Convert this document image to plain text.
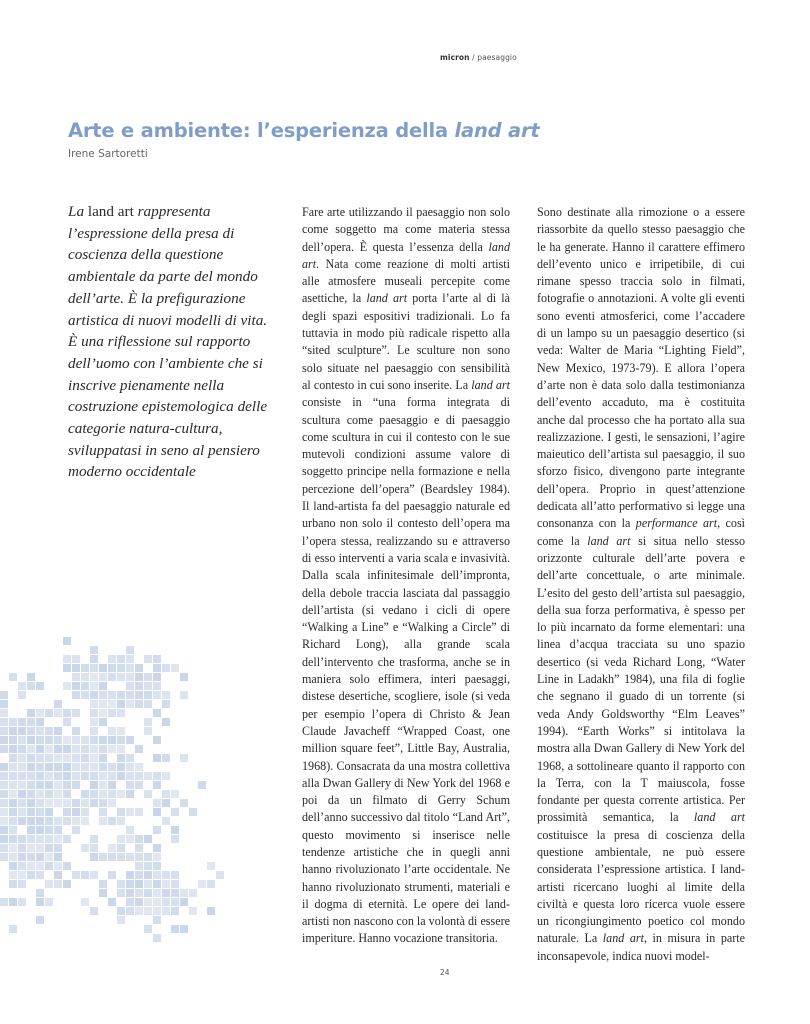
micron / paesaggio
Arte e ambiente: l’esperienza della land art
Irene Sartoretti

La land art rappresenta l’espressione della presa di coscienza della questione ambientale da parte del mondo dell’arte. È la prefigurazione artistica di nuovi modelli di vita. È una riflessione sul rapporto dell’uomo con l’ambiente che si inscrive pienamente nella costruzione epistemologica delle categorie natura-cultura, sviluppatasi in seno al pensiero moderno occidentale

Fare arte utilizzando il paesaggio non solo come soggetto ma come materia stessa dell’opera. È questa l’essenza della land art. Nata come reazione di molti artisti alle atmosfere museali percepite come asettiche, la land art porta l’arte al di là degli spazi espositivi tradizionali. Lo fa tuttavia in modo più radicale rispetto alla “sited sculpture”. Le sculture non sono solo situate nel paesaggio con sensibilità al contesto in cui sono inserite. La land art consiste in “una forma integrata di scultura come paesaggio e di paesaggio come scultura in cui il contesto con le sue mutevoli condizioni assume valore di soggetto principe nella formazione e nella percezione dell’opera” (Beardsley 1984). Il land-artista fa del paesaggio naturale ed urbano non solo il contesto dell’opera ma l’opera stessa, realizzando su e attraverso di esso interventi a varia scala e invasività. Dalla scala infinitesimale dell’impronta, della debole traccia lasciata dal passaggio dell’artista (si vedano i cicli di opere “Walking a Line” e “Walking a Circle” di Richard Long), alla grande scala dell’intervento che trasforma, anche se in maniera solo effimera, interi paesaggi, distese desertiche, scogliere, isole (si veda per esempio l’opera di Christo & Jean Claude Javacheff “Wrapped Coast, one million square feet”, Little Bay, Australia, 1968). Consacrata da una mostra collettiva alla Dwan Gallery di New York del 1968 e poi da un filmato di Gerry Schum dell’anno successivo dal titolo “Land Art”, questo movimento si inserisce nelle tendenze artistiche che in quegli anni hanno rivoluzionato l’arte occidentale. Ne hanno rivoluzionato strumenti, materiali e il dogma di eternità. Le opere dei land-artisti non nascono con la volontà di essere imperiture. Hanno vocazione transitoria.

Sono destinate alla rimozione o a essere riassorbite da quello stesso paesaggio che le ha generate. Hanno il carattere effimero dell’evento unico e irripetibile, di cui rimane spesso traccia solo in filmati, fotografie o annotazioni. A volte gli eventi sono eventi atmosferici, come l’accadere di un lampo su un paesaggio desertico (si veda: Walter de Maria “Lighting Field”, New Mexico, 1973-79). E allora l’opera d’arte non è data solo dalla testimonianza dell’evento accaduto, ma è costituita anche dal processo che ha portato alla sua realizzazione. I gesti, le sensazioni, l’agire maieutico dell’artista sul paesaggio, il suo sforzo fisico, divengono parte integrante dell’opera. Proprio in quest’attenzione dedicata all’atto performativo si legge una consonanza con la performance art, così come la land art si situa nello stesso orizzonte culturale dell’arte povera e dell’arte concettuale, o arte minimale. L’esito del gesto dell’artista sul paesaggio, della sua forza performativa, è spesso per lo più incarnato da forme elementari: una linea d’acqua tracciata su uno spazio desertico (si veda Richard Long, “Water Line in Ladakh” 1984), una fila di foglie che segnano il guado di un torrente (si veda Andy Goldsworthy “Elm Leaves” 1994). “Earth Works” si intitolava la mostra alla Dwan Gallery di New York del 1968, a sottolineare quanto il rapporto con la Terra, con la T maiuscola, fosse fondante per questa corrente artistica. Per prossimità semantica, la land art costituisce la presa di coscienza della questione ambientale, ne può essere considerata l’espressione artistica. I land-artisti ricercano luoghi al limite della civiltà e questa loro ricerca vuole essere un ricongiungimento poetico col mondo naturale. La land art, in misura in parte inconsapevole, indica nuovi model-

24
